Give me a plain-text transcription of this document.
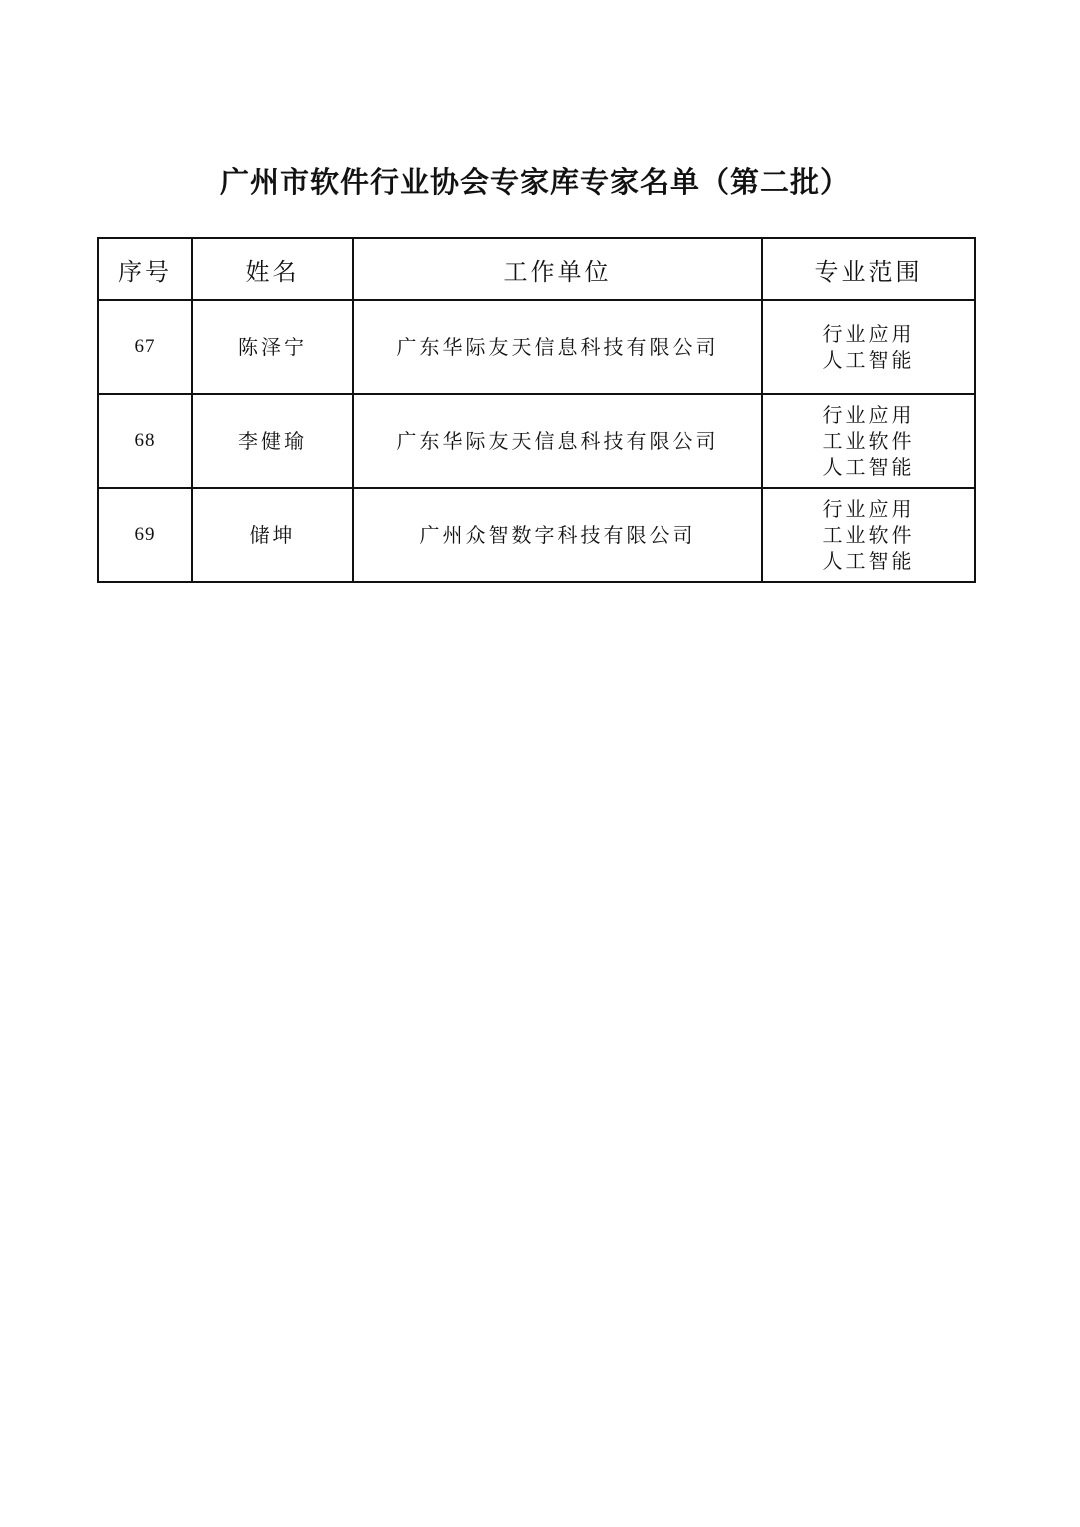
广州市软件行业协会专家库专家名单（第二批）
序号	姓名	工作单位	专业范围
67	陈泽宁	广东华际友天信息科技有限公司	行业应用
人工智能

68	李健瑜	广东华际友天信息科技有限公司	行业应用
工业软件
人工智能

69	储坤	广州众智数字科技有限公司	行业应用
工业软件
人工智能
